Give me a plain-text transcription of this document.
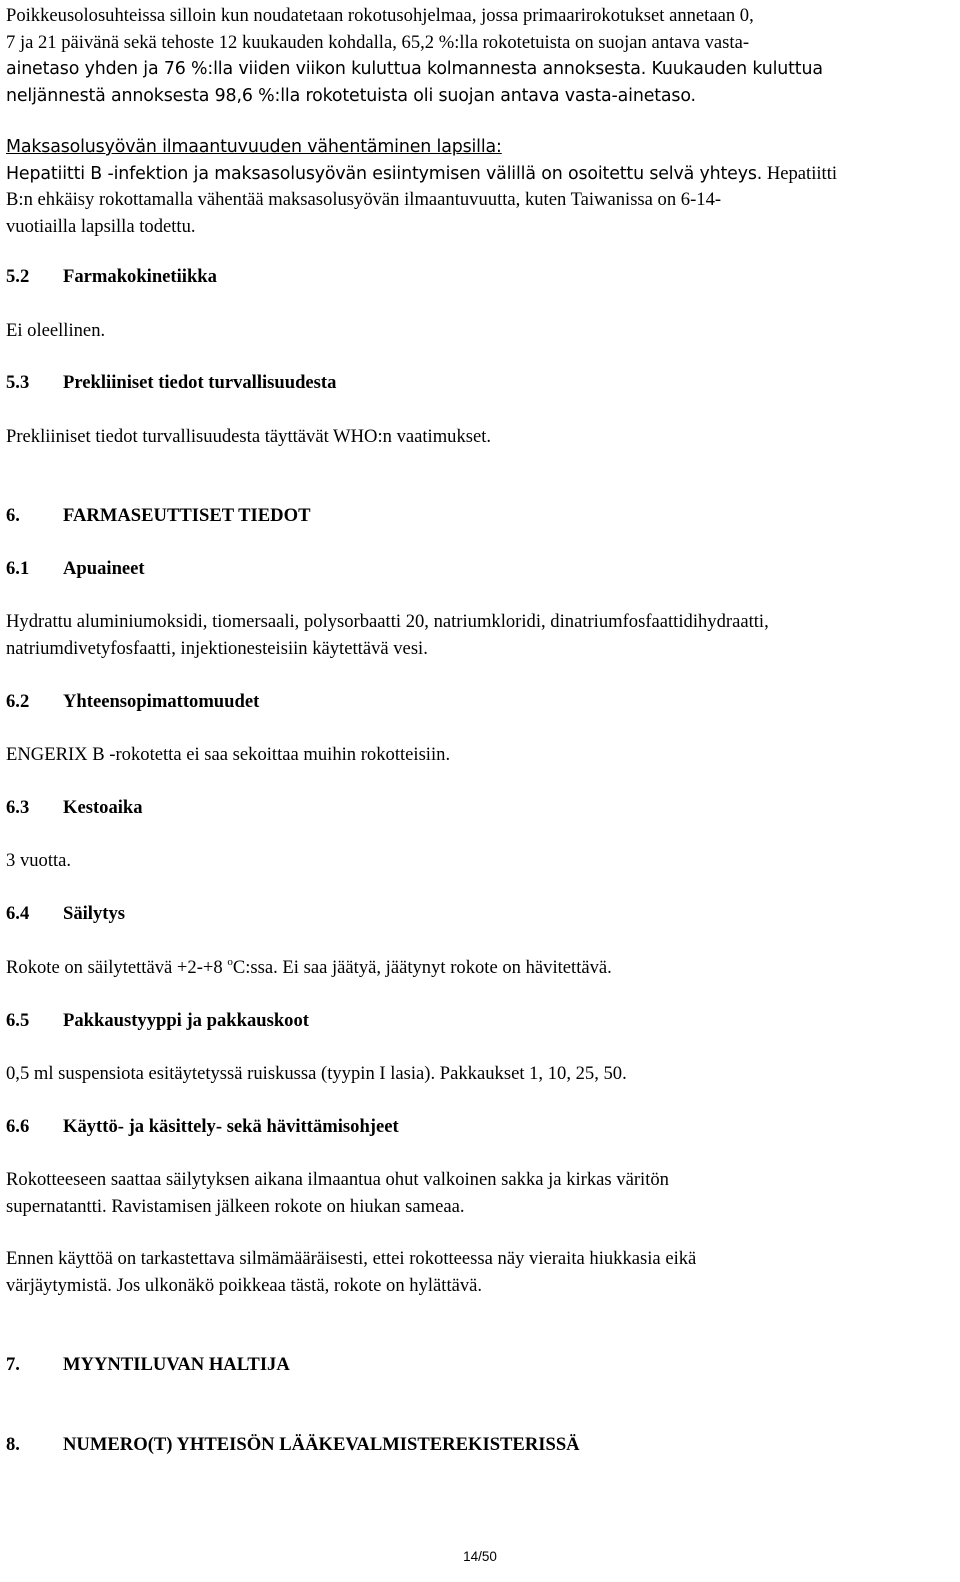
Poikkeusolosuhteissa silloin kun noudatetaan rokotusohjelmaa, jossa primaarirokotukset annetaan 0,
7 ja 21 päivänä sekä tehoste 12 kuukauden kohdalla, 65,2 %:lla rokotetuista on suojan antava vasta-
ainetaso yhden ja 76 %:lla viiden viikon kuluttua kolmannesta annoksesta. Kuukauden kuluttua
neljännestä annoksesta 98,6 %:lla rokotetuista oli suojan antava vasta-ainetaso.
Maksasolusyövän ilmaantuvuuden vähentäminen lapsilla:
Hepatiitti B -infektion ja maksasolusyövän esiintymisen välillä on osoitettu selvä yhteys. Hepatiitti
B:n ehkäisy rokottamalla vähentää maksasolusyövän ilmaantuvuutta, kuten Taiwanissa on 6-14-
vuotiailla lapsilla todettu.
5.2 Farmakokinetiikka
Ei oleellinen.
5.3 Prekliiniset tiedot turvallisuudesta
Prekliiniset tiedot turvallisuudesta täyttävät WHO:n vaatimukset.
6. FARMASEUTTISET TIEDOT
6.1 Apuaineet
Hydrattu aluminiumoksidi, tiomersaali, polysorbaatti 20, natriumkloridi, dinatriumfosfaattidihydraatti,
natriumdivetyfosfaatti, injektionesteisiin käytettävä vesi.
6.2 Yhteensopimattomuudet
ENGERIX B -rokotetta ei saa sekoittaa muihin rokotteisiin.
6.3 Kestoaika
3 vuotta.
6.4 Säilytys
Rokote on säilytettävä +2-+8 $^o$C:ssa. Ei saa jäätyä, jäätynyt rokote on hävitettävä.
6.5 Pakkaustyyppi ja pakkauskoot
0,5 ml suspensiota esitäytetyssä ruiskussa (tyypin I lasia). Pakkaukset 1, 10, 25, 50.
6.6 Käyttö- ja käsittely- sekä hävittämisohjeet
Rokotteeseen saattaa säilytyksen aikana ilmaantua ohut valkoinen sakka ja kirkas väritön
supernatantti. Ravistamisen jälkeen rokote on hiukan sameaa.
Ennen käyttöä on tarkastettava silmämääräisesti, ettei rokotteessa näy vieraita hiukkasia eikä
värjäytymistä. Jos ulkonäkö poikkeaa tästä, rokote on hylättävä.
7. MYYNTILUVAN HALTIJA
8. NUMERO(T) YHTEISÖN LÄÄKEVALMISTEREKISTERISSÄ
14/50
